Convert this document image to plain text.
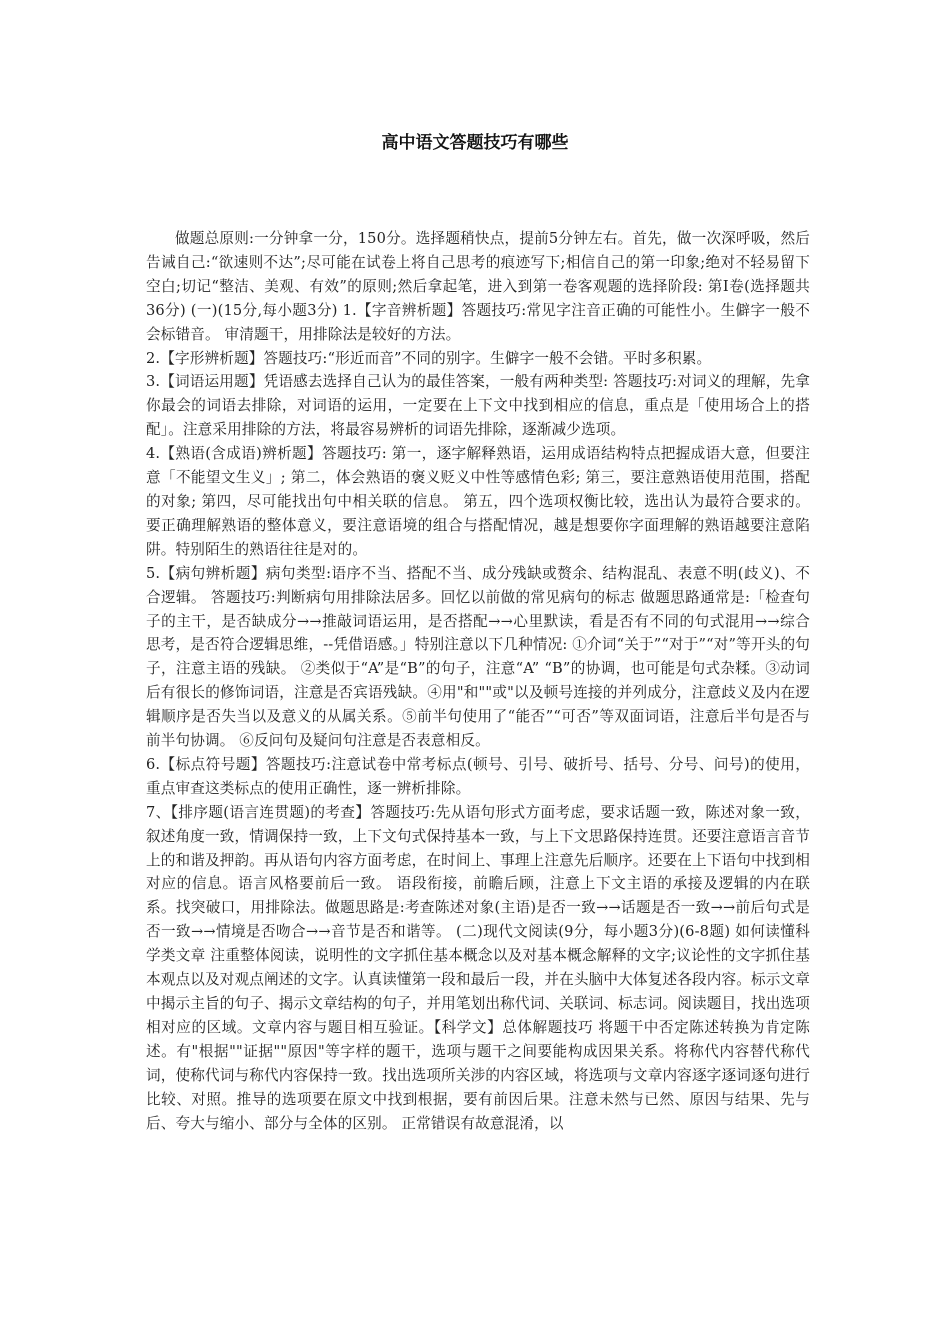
高中语文答题技巧有哪些

做题总原则:一分钟拿一分，150分。选择题稍快点，提前5分钟左右。首先，做一次深呼吸，然后告诫自己:“欲速则不达”;尽可能在试卷上将自己思考的痕迹写下;相信自己的第一印象;绝对不轻易留下空白;切记“整洁、美观、有效”的原则;然后拿起笔，进入到第一卷客观题的选择阶段: 第Ⅰ卷(选择题共36分) (一)(15分,每小题3分) 1.【字音辨析题】答题技巧:常见字注音正确的可能性小。生僻字一般不会标错音。 审清题干，用排除法是较好的方法。

2.【字形辨析题】答题技巧:“形近而音”不同的别字。生僻字一般不会错。平时多积累。

3.【词语运用题】凭语感去选择自己认为的最佳答案，一般有两种类型: 答题技巧:对词义的理解，先拿你最会的词语去排除，对词语的运用，一定要在上下文中找到相应的信息，重点是「使用场合上的搭配」。注意采用排除的方法，将最容易辨析的词语先排除，逐渐减少选项。

4.【熟语(含成语)辨析题】答题技巧: 第一，逐字解释熟语，运用成语结构特点把握成语大意，但要注意「不能望文生义」; 第二，体会熟语的褒义贬义中性等感情色彩; 第三，要注意熟语使用范围，搭配的对象; 第四，尽可能找出句中相关联的信息。 第五，四个选项权衡比较，选出认为最符合要求的。 要正确理解熟语的整体意义，要注意语境的组合与搭配情况，越是想要你字面理解的熟语越要注意陷阱。特别陌生的熟语往往是对的。

5.【病句辨析题】病句类型:语序不当、搭配不当、成分残缺或赘余、结构混乱、表意不明(歧义)、不合逻辑。 答题技巧:判断病句用排除法居多。回忆以前做的常见病句的标志 做题思路通常是:「检查句子的主干，是否缺成分→→推敲词语运用，是否搭配→→心里默读，看是否有不同的句式混用→→综合思考，是否符合逻辑思维，--凭借语感。」特别注意以下几种情况: ①介词“关于”“对于”“对”等开头的句子，注意主语的残缺。 ②类似于“A”是“B”的句子，注意“A” “B”的协调，也可能是句式杂糅。③动词后有很长的修饰词语，注意是否宾语残缺。④用"和""或"以及顿号连接的并列成分，注意歧义及内在逻辑顺序是否失当以及意义的从属关系。⑤前半句使用了“能否”“可否”等双面词语，注意后半句是否与前半句协调。 ⑥反问句及疑问句注意是否表意相反。

6.【标点符号题】答题技巧:注意试卷中常考标点(顿号、引号、破折号、括号、分号、问号)的使用，重点审查这类标点的使用正确性，逐一辨析排除。

7、【排序题(语言连贯题)的考查】答题技巧:先从语句形式方面考虑，要求话题一致，陈述对象一致，叙述角度一致，情调保持一致，上下文句式保持基本一致，与上下文思路保持连贯。还要注意语言音节上的和谐及押韵。再从语句内容方面考虑，在时间上、事理上注意先后顺序。还要在上下语句中找到相对应的信息。语言风格要前后一致。 语段衔接，前瞻后顾，注意上下文主语的承接及逻辑的内在联系。找突破口，用排除法。做题思路是:考查陈述对象(主语)是否一致→→话题是否一致→→前后句式是否一致→→情境是否吻合→→音节是否和谐等。 (二)现代文阅读(9分，每小题3分)(6-8题) 如何读懂科学类文章 注重整体阅读，说明性的文字抓住基本概念以及对基本概念解释的文字;议论性的文字抓住基本观点以及对观点阐述的文字。认真读懂第一段和最后一段，并在头脑中大体复述各段内容。标示文章中揭示主旨的句子、揭示文章结构的句子，并用笔划出称代词、关联词、标志词。阅读题目，找出选项相对应的区域。文章内容与题目相互验证。【科学文】总体解题技巧 将题干中否定陈述转换为肯定陈述。有"根据""证据""原因"等字样的题干，选项与题干之间要能构成因果关系。将称代内容替代称代词，使称代词与称代内容保持一致。找出选项所关涉的内容区域，将选项与文章内容逐字逐词逐句进行比较、对照。推导的选项要在原文中找到根据，要有前因后果。注意未然与已然、原因与结果、先与后、夸大与缩小、部分与全体的区别。 正常错误有故意混淆，以
